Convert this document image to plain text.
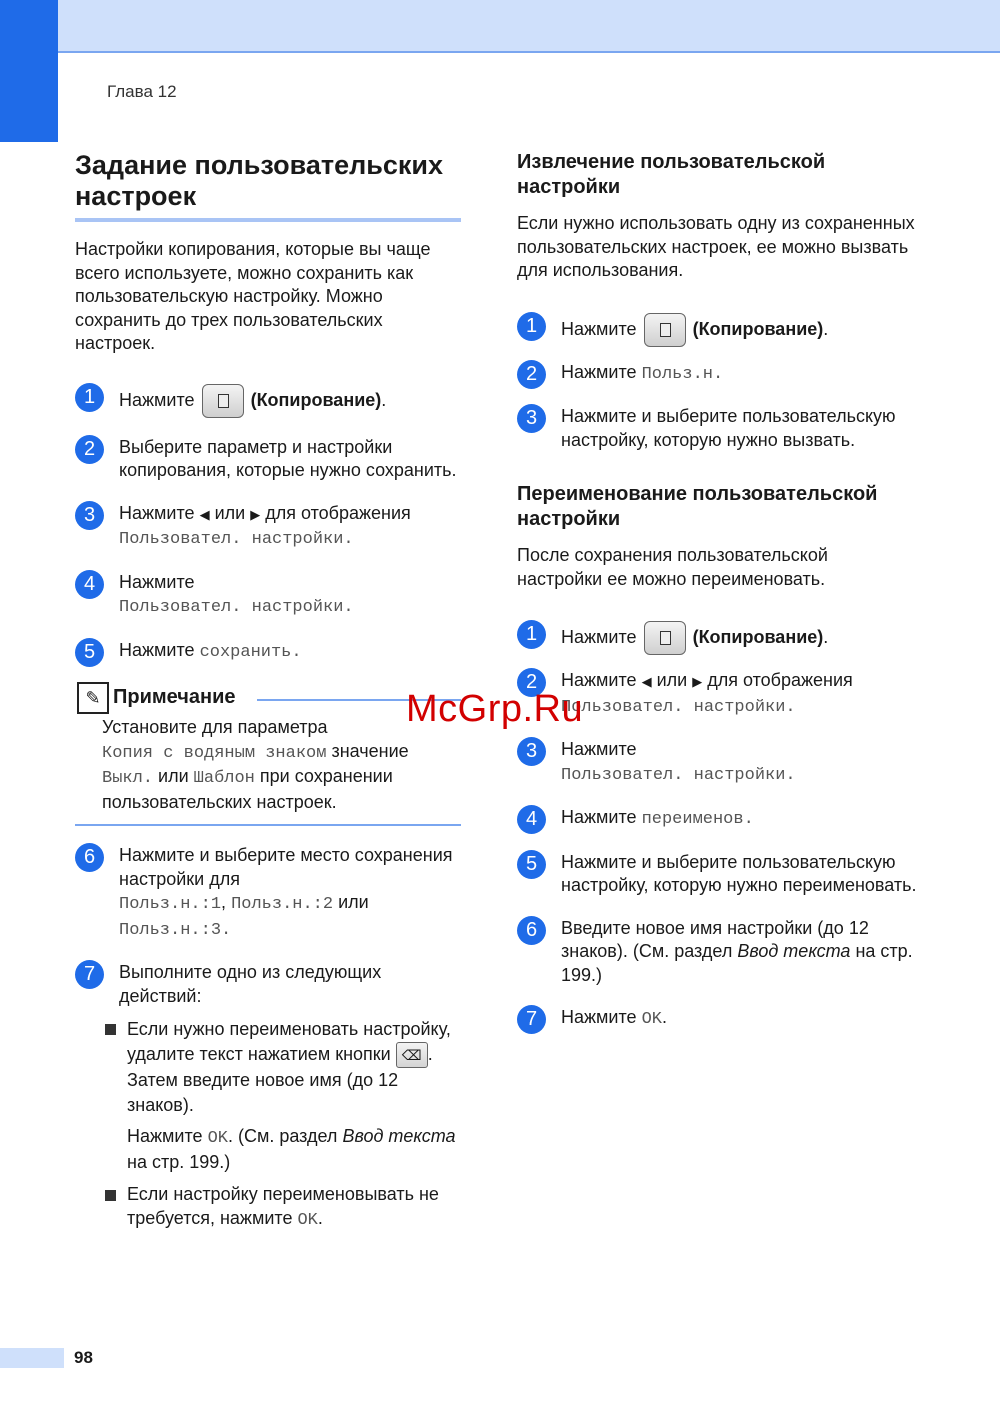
Глава 12
Задание пользовательских
настроек

Настройки копирования, которые вы чаще всего используете, можно сохранить как пользовательскую настройку. Можно сохранить до трех пользовательских настроек.

1	Нажмите	(Копирование).
2	Выберите параметр и настройки копирования, которые нужно сохранить.
3	Нажмите ◀ или ▶ для отображения
Пользовател. настройки.
4	Нажмите
Пользовател. настройки.
5	Нажмите сохранить.
✎ Примечание
Установите для параметра
Копия с водяным знаком значение
Выкл. или Шаблон при сохранении пользовательских настроек.
6	Нажмите и выберите место сохранения настройки для
Польз.н.:1, Польз.н.:2 или
Польз.н.:3.
7	Выполните одно из следующих действий:
Если нужно переименовать настройку, удалите текст нажатием кнопки ⌫ . Затем введите новое имя (до 12 знаков).
Нажмите OK. (См. раздел Ввод текста на стр. 199.)
Если настройку переименовывать не требуется, нажмите OK.
Извлечение пользовательской настройки

Если нужно использовать одну из сохраненных пользовательских настроек, ее можно вызвать для использования.

1	Нажмите	(Копирование).
2	Нажмите Польз.н.
3	Нажмите и выберите пользовательскую настройку, которую нужно вызвать.
Переименование пользовательской настройки

После сохранения пользовательской настройки ее можно переименовать.

1	Нажмите	(Копирование).
2	Нажмите ◀ или ▶ для отображения
Пользовател. настройки.
3	Нажмите
Пользовател. настройки.
4	Нажмите переименов.
5	Нажмите и выберите пользовательскую настройку, которую нужно переименовать.
6	Введите новое имя настройки (до 12 знаков). (См. раздел Ввод текста на стр. 199.)
7	Нажмите OK.
McGrp.Ru
98
